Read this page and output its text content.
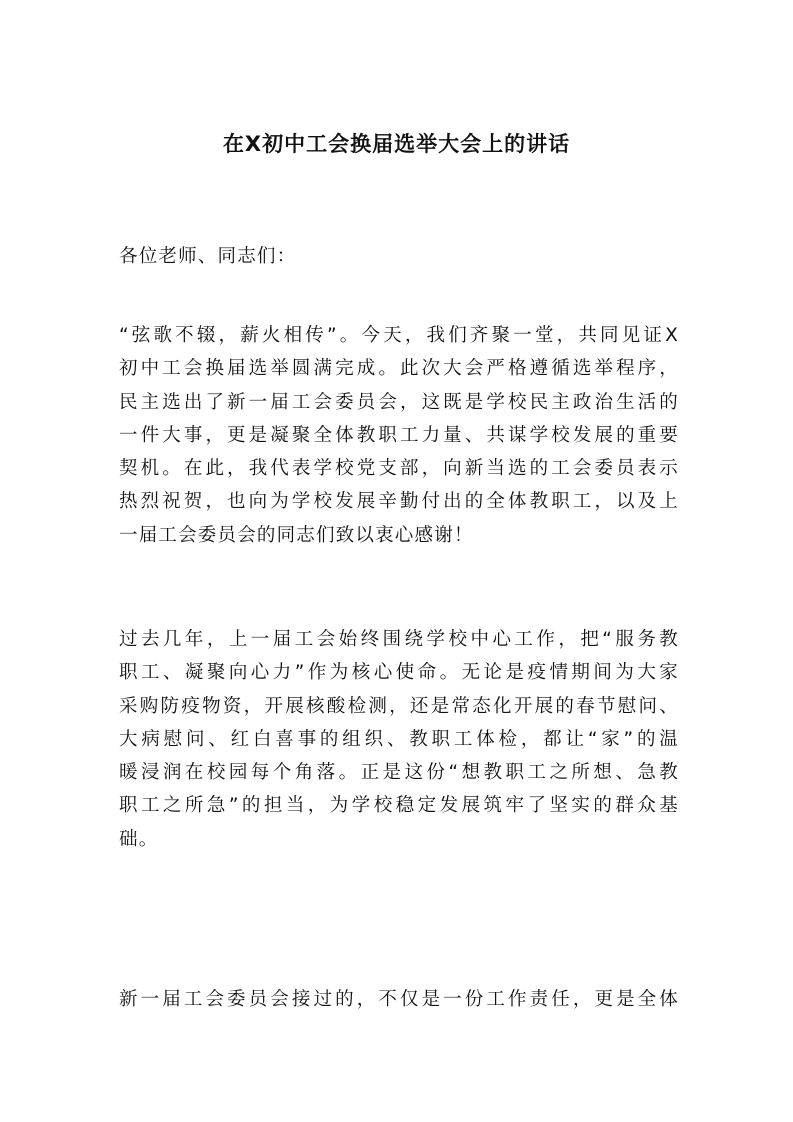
在X初中工会换届选举大会上的讲话
各位老师、同志们：
“弦歌不辍，薪火相传”。今天，我们齐聚一堂，共同见证X
初中工会换届选举圆满完成。此次大会严格遵循选举程序，
民主选出了新一届工会委员会，这既是学校民主政治生活的
一件大事，更是凝聚全体教职工力量、共谋学校发展的重要
契机。在此，我代表学校党支部，向新当选的工会委员表示
热烈祝贺，也向为学校发展辛勤付出的全体教职工，以及上
一届工会委员会的同志们致以衷心感谢！
过去几年，上一届工会始终围绕学校中心工作，把“服务教
职工、凝聚向心力”作为核心使命。无论是疫情期间为大家
采购防疫物资，开展核酸检测，还是常态化开展的春节慰问、
大病慰问、红白喜事的组织、教职工体检，都让“家”的温
暖浸润在校园每个角落。正是这份“想教职工之所想、急教
职工之所急”的担当，为学校稳定发展筑牢了坚实的群众基
础。
新一届工会委员会接过的，不仅是一份工作责任，更是全体
